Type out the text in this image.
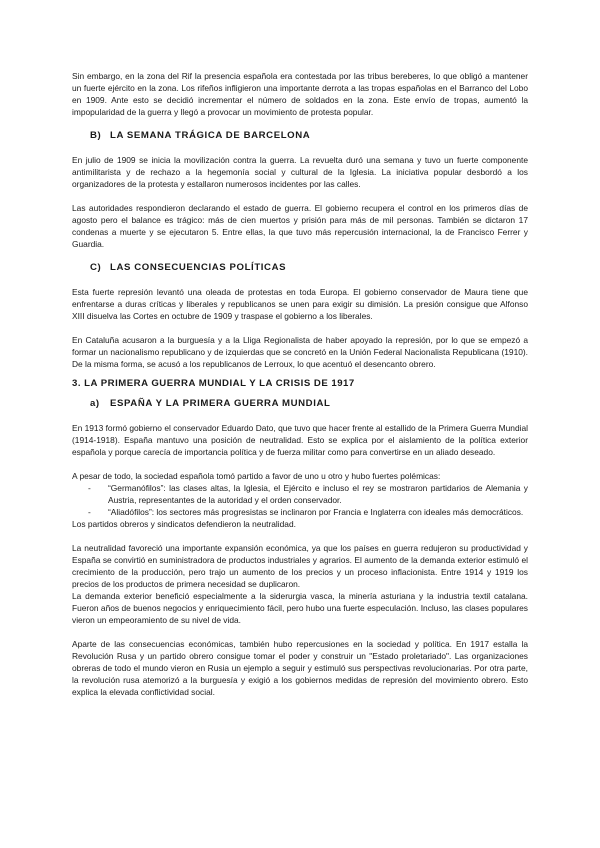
Sin embargo, en la zona del Rif la presencia española era contestada por las tribus bereberes, lo que obligó a mantener un fuerte ejército en la zona. Los rifeños infligieron una importante derrota a las tropas españolas en el Barranco del Lobo en 1909. Ante esto se decidió incrementar el número de soldados en la zona. Este envío de tropas, aumentó la impopularidad de la guerra y llegó a provocar un movimiento de protesta popular.

B) LA SEMANA TRÁGICA DE BARCELONA

En julio de 1909 se inicia la movilización contra la guerra. La revuelta duró una semana y tuvo un fuerte componente antimilitarista y de rechazo a la hegemonía social y cultural de la Iglesia. La iniciativa popular desbordó a los organizadores de la protesta y estallaron numerosos incidentes por las calles.

Las autoridades respondieron declarando el estado de guerra. El gobierno recupera el control en los primeros días de agosto pero el balance es trágico: más de cien muertos y prisión para más de mil personas. También se dictaron 17 condenas a muerte y se ejecutaron 5. Entre ellas, la que tuvo más repercusión internacional, la de Francisco Ferrer y Guardia.

C) LAS CONSECUENCIAS POLÍTICAS

Esta fuerte represión levantó una oleada de protestas en toda Europa. El gobierno conservador de Maura tiene que enfrentarse a duras críticas y liberales y republicanos se unen para exigir su dimisión. La presión consigue que Alfonso XIII disuelva las Cortes en octubre de 1909 y traspase el gobierno a los liberales.

En Cataluña acusaron a la burguesía y a la Lliga Regionalista de haber apoyado la represión, por lo que se empezó a formar un nacionalismo republicano y de izquierdas que se concretó en la Unión Federal Nacionalista Republicana (1910). De la misma forma, se acusó a los republicanos de Lerroux, lo que acentuó el desencanto obrero.

3. LA PRIMERA GUERRA MUNDIAL Y LA CRISIS DE 1917
a) ESPAÑA Y LA PRIMERA GUERRA MUNDIAL

En 1913 formó gobierno el conservador Eduardo Dato, que tuvo que hacer frente al estallido de la Primera Guerra Mundial (1914-1918). España mantuvo una posición de neutralidad. Esto se explica por el aislamiento de la política exterior española y porque carecía de importancia política y de fuerza militar como para convertirse en un aliado deseado.

A pesar de todo, la sociedad española tomó partido a favor de uno u otro y hubo fuertes polémicas:

- “Germanófilos”: las clases altas, la Iglesia, el Ejército e incluso el rey se mostraron partidarios de Alemania y Austria, representantes de la autoridad y el orden conservador.
- “Aliadófilos”: los sectores más progresistas se inclinaron por Francia e Inglaterra con ideales más democráticos.

Los partidos obreros y sindicatos defendieron la neutralidad.

La neutralidad favoreció una importante expansión económica, ya que los países en guerra redujeron su productividad y España se convirtió en suministradora de productos industriales y agrarios. El aumento de la demanda exterior estimuló el crecimiento de la producción, pero trajo un aumento de los precios y un proceso inflacionista. Entre 1914 y 1919 los precios de los productos de primera necesidad se duplicaron.

La demanda exterior benefició especialmente a la siderurgia vasca, la minería asturiana y la industria textil catalana. Fueron años de buenos negocios y enriquecimiento fácil, pero hubo una fuerte especulación. Incluso, las clases populares vieron un empeoramiento de su nivel de vida.

Aparte de las consecuencias económicas, también hubo repercusiones en la sociedad y política. En 1917 estalla la Revolución Rusa y un partido obrero consigue tomar el poder y construir un "Estado proletariado". Las organizaciones obreras de todo el mundo vieron en Rusia un ejemplo a seguir y estimuló sus perspectivas revolucionarias. Por otra parte, la revolución rusa atemorizó a la burguesía y exigió a los gobiernos medidas de represión del movimiento obrero. Esto explica la elevada conflictividad social.
